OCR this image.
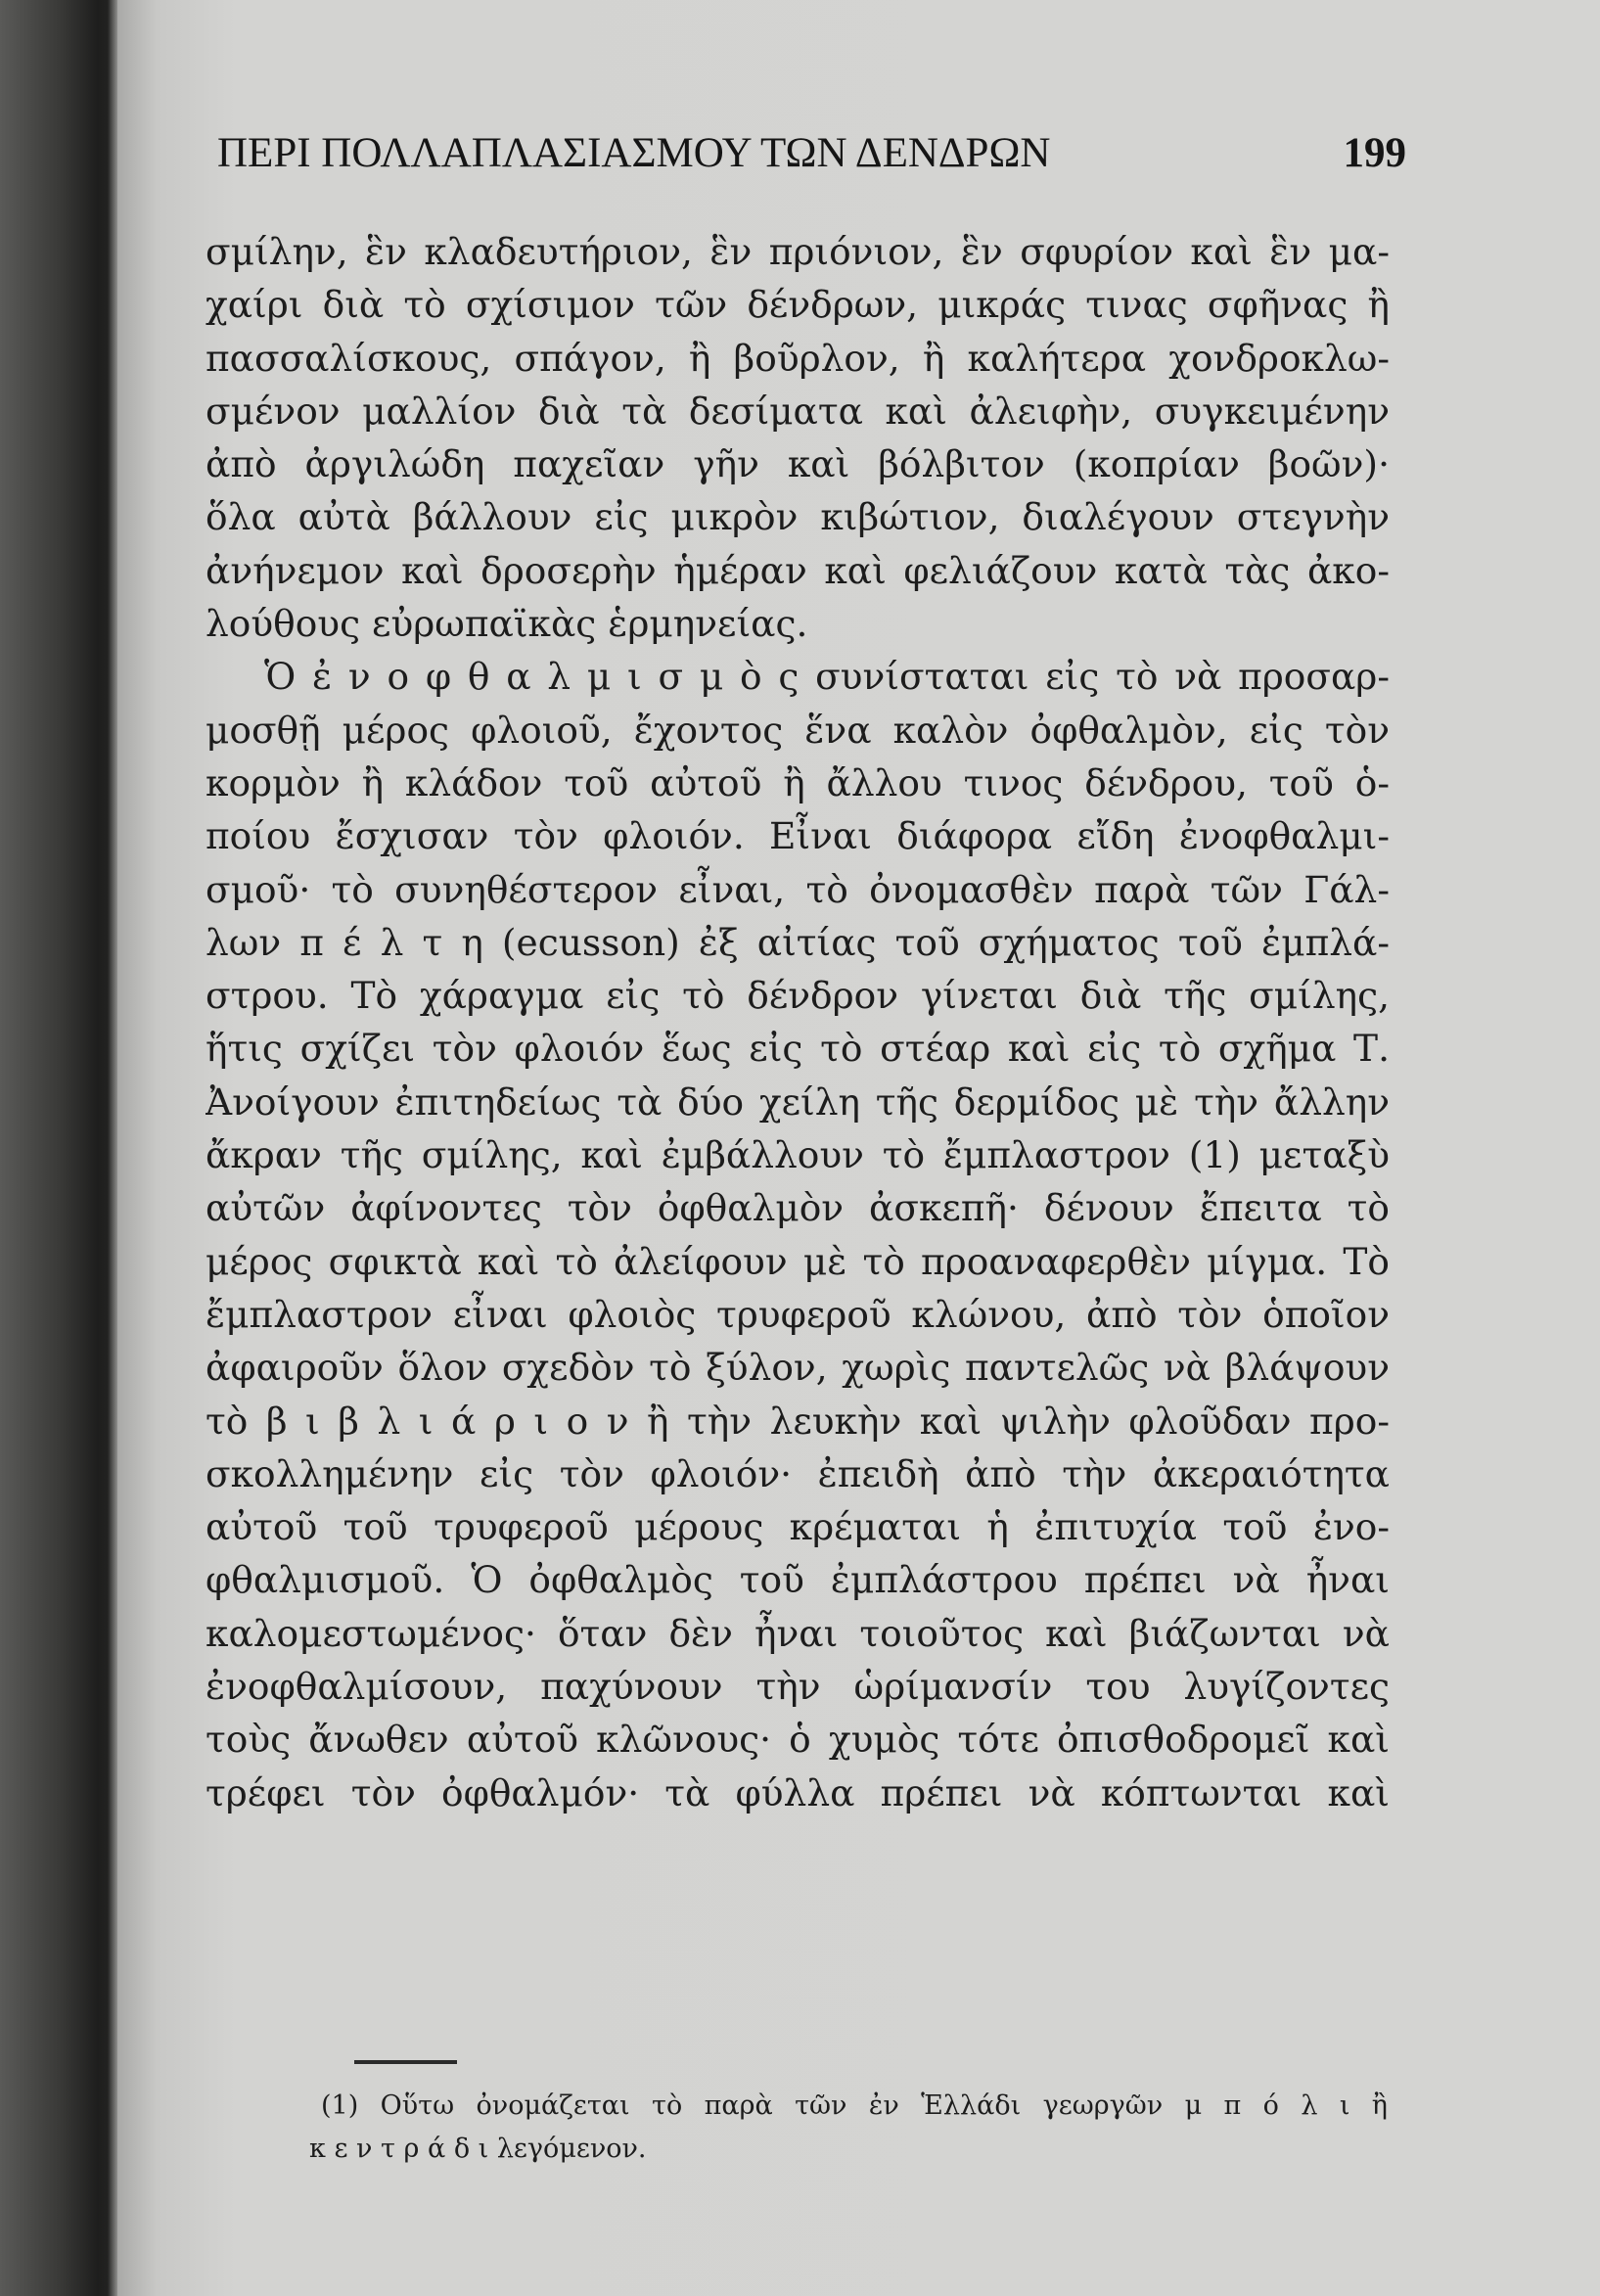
ΠΕΡΙ ΠΟΛΛΑΠΛΑΣΙΑΣΜΟΥ ΤΩΝ ΔΕΝΔΡΩΝ	199
σμίλην, ἓν κλαδευτήριον, ἓν πριόνιον, ἓν σφυρίον καὶ ἓν μα-
χαίρι διὰ τὸ σχίσιμον τῶν δένδρων, μικράς τινας σφῆνας ἢ
πασσαλίσκους, σπάγον, ἢ βοῦρλον, ἢ καλήτερα χονδροκλω-
σμένον μαλλίον διὰ τὰ δεσίματα καὶ ἀλειφὴν, συγκειμένην
ἀπὸ ἀργιλώδη παχεῖαν γῆν καὶ βόλβιτον (κοπρίαν βοῶν)·
ὅλα αὐτὰ βάλλουν εἰς μικρὸν κιβώτιον, διαλέγουν στεγνὴν
ἀνήνεμον καὶ δροσερὴν ἡμέραν καὶ φελιάζουν κατὰ τὰς ἀκο-
λούθους εὐρωπαϊκὰς ἑρμηνείας.
Ὁ ἐ ν ο φ θ α λ μ ι σ μ ὸ ς συνίσταται εἰς τὸ νὰ προσαρ-
μοσθῇ μέρος φλοιοῦ, ἔχοντος ἕνα καλὸν ὀφθαλμὸν, εἰς τὸν
κορμὸν ἢ κλάδον τοῦ αὐτοῦ ἢ ἄλλου τινος δένδρου, τοῦ ὁ-
ποίου ἔσχισαν τὸν φλοιόν. Εἶναι διάφορα εἴδη ἐνοφθαλμι-
σμοῦ· τὸ συνηθέστερον εἶναι, τὸ ὀνομασθὲν παρὰ τῶν Γάλ-
λων π έ λ τ η (ecusson) ἐξ αἰτίας τοῦ σχήματος τοῦ ἐμπλά-
στρου. Τὸ χάραγμα εἰς τὸ δένδρον γίνεται διὰ τῆς σμίλης,
ἥτις σχίζει τὸν φλοιόν ἕως εἰς τὸ στέαρ καὶ εἰς τὸ σχῆμα Τ.
Ἀνοίγουν ἐπιτηδείως τὰ δύο χείλη τῆς δερμίδος μὲ τὴν ἄλλην
ἄκραν τῆς σμίλης, καὶ ἐμβάλλουν τὸ ἔμπλαστρον (1) μεταξὺ
αὐτῶν ἀφίνοντες τὸν ὀφθαλμὸν ἀσκεπῆ· δένουν ἔπειτα τὸ
μέρος σφικτὰ καὶ τὸ ἀλείφουν μὲ τὸ προαναφερθὲν μίγμα. Τὸ
ἔμπλαστρον εἶναι φλοιὸς τρυφεροῦ κλώνου, ἀπὸ τὸν ὁποῖον
ἀφαιροῦν ὅλον σχεδὸν τὸ ξύλον, χωρὶς παντελῶς νὰ βλάψουν
τὸ β ι β λ ι ά ρ ι ο ν ἢ τὴν λευκὴν καὶ ψιλὴν φλοῦδαν προ-
σκολλημένην εἰς τὸν φλοιόν· ἐπειδὴ ἀπὸ τὴν ἀκεραιότητα
αὐτοῦ τοῦ τρυφεροῦ μέρους κρέμαται ἡ ἐπιτυχία τοῦ ἐνο-
φθαλμισμοῦ. Ὁ ὀφθαλμὸς τοῦ ἐμπλάστρου πρέπει νὰ ἦναι
καλομεστωμένος· ὅταν δὲν ἦναι τοιοῦτος καὶ βιάζωνται νὰ
ἐνοφθαλμίσουν, παχύνουν τὴν ὡρίμανσίν του λυγίζοντες
τοὺς ἄνωθεν αὐτοῦ κλῶνους· ὁ χυμὸς τότε ὀπισθοδρομεῖ καὶ
τρέφει τὸν ὀφθαλμόν· τὰ φύλλα πρέπει νὰ κόπτωνται καὶ
(1) Οὕτω ὀνομάζεται τὸ παρὰ τῶν ἐν Ἑλλάδι γεωργῶν μ π ό λ ι ἢ
κ ε ν τ ρ ά δ ι λεγόμενον.
